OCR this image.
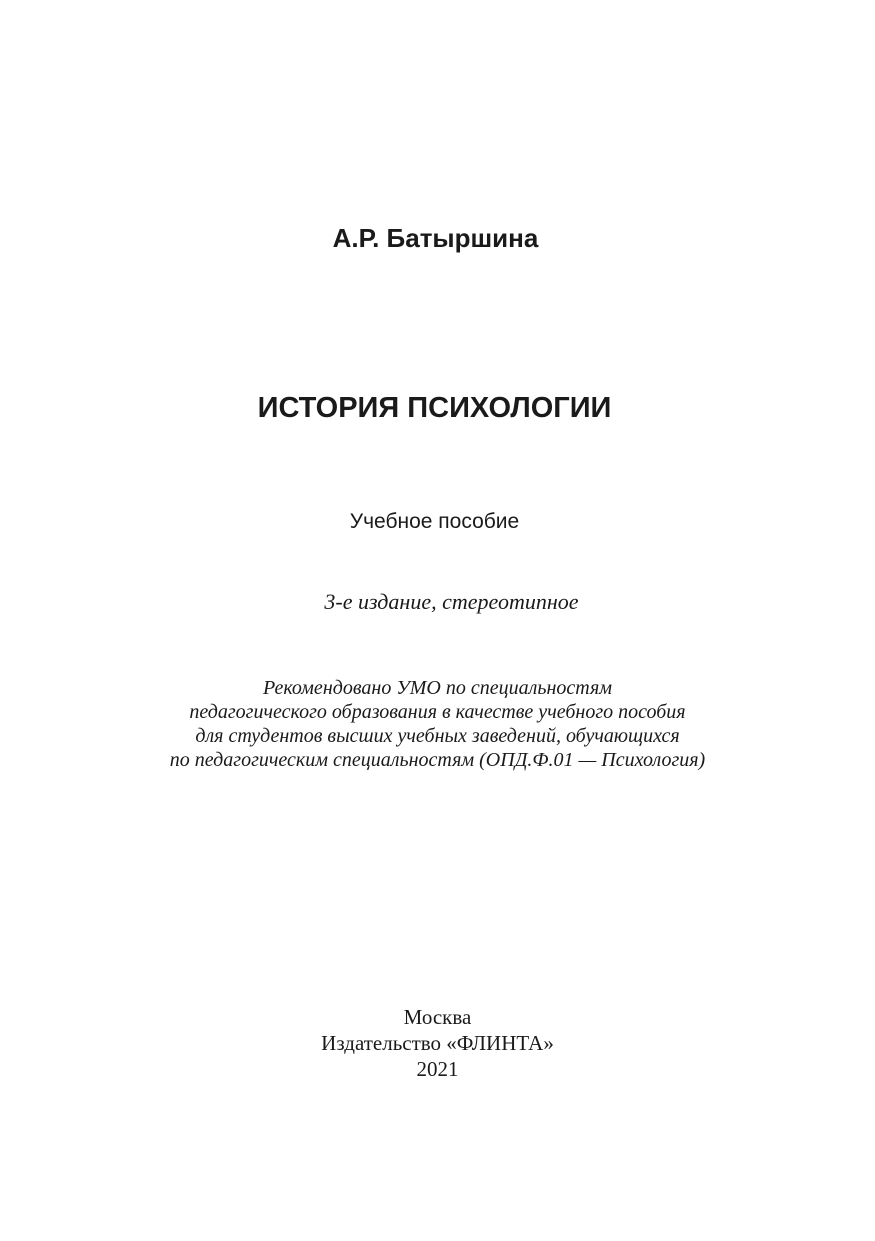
А.Р. Батыршина
ИСТОРИЯ ПСИХОЛОГИИ
Учебное пособие
3-е издание, стереотипное
Рекомендовано УМО по специальностям
педагогического образования в качестве учебного пособия
для студентов высших учебных заведений, обучающихся
по педагогическим специальностям (ОПД.Ф.01 — Психология)
Москва
Издательство «ФЛИНТА»
2021
